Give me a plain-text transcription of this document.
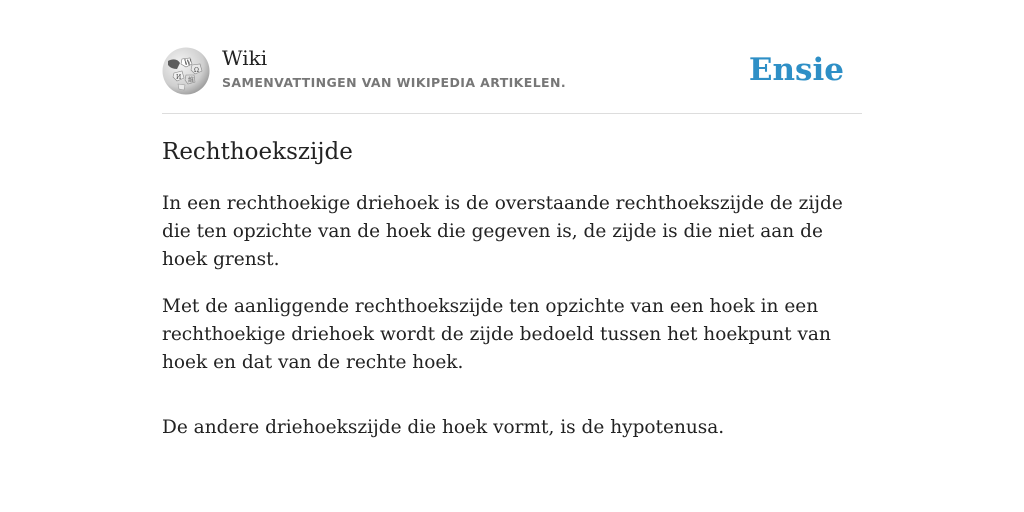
W
Ω
И 維
Wiki
SAMENVATTINGEN VAN WIKIPEDIA ARTIKELEN.	Ensie
Rechthoekszijde

In een rechthoekige driehoek is de overstaande rechthoekszijde de zijde die ten opzichte van de hoek die gegeven is, de zijde is die niet aan de hoek grenst.

Met de aanliggende rechthoekszijde ten opzichte van een hoek in een rechthoekige driehoek wordt de zijde bedoeld tussen het hoekpunt van hoek en dat van de rechte hoek.

De andere driehoekszijde die hoek vormt, is de hypotenusa.
